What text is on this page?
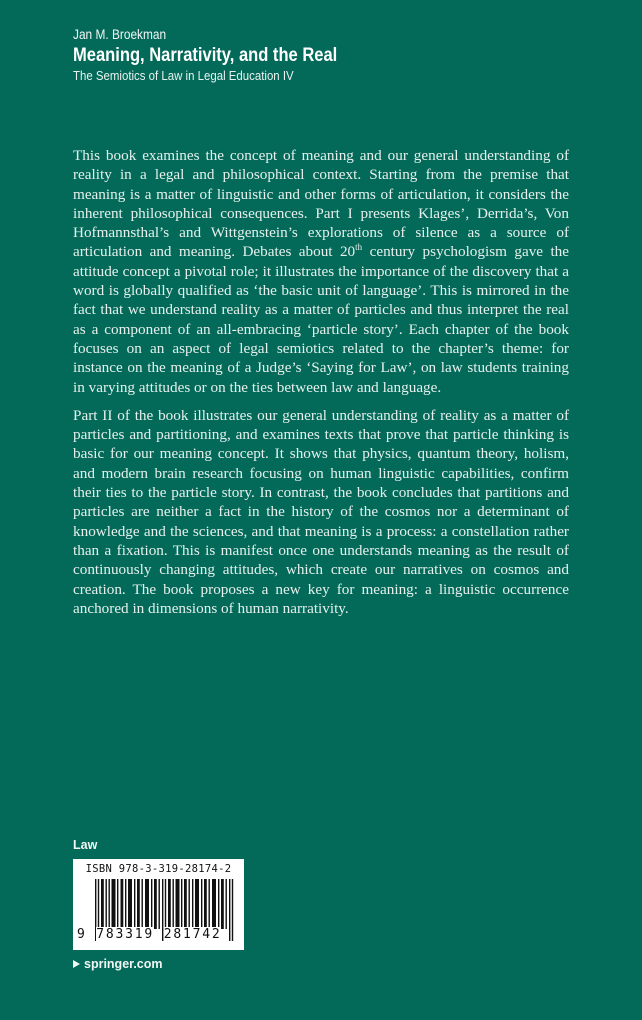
Jan M. Broekman
Meaning, Narrativity, and the Real
The Semiotics of Law in Legal Education IV

This book examines the concept of meaning and our general understanding of reality in a legal and philosophical context. Starting from the premise that meaning is a matter of linguistic and other forms of articulation, it considers the inherent philosophical consequences. Part I presents Klages’, Derrida’s, Von Hofmannsthal’s and Wittgenstein’s explorations of silence as a source of articulation and meaning. Debates about 20th century psychologism gave the attitude concept a pivotal role; it illustrates the importance of the discovery that a word is globally qualified as ‘the basic unit of language’. This is mirrored in the fact that we understand reality as a matter of particles and thus interpret the real as a component of an all-embracing ‘particle story’. Each chapter of the book focuses on an aspect of legal semiotics related to the chapter’s theme: for instance on the meaning of a Judge’s ‘Saying for Law’, on law students training in varying attitudes or on the ties between law and language.

Part II of the book illustrates our general understanding of reality as a matter of particles and partitioning, and examines texts that prove that particle thinking is basic for our meaning concept. It shows that physics, quantum theory, holism, and modern brain research focusing on human linguistic capabilities, confirm their ties to the particle story. In contrast, the book concludes that partitions and particles are neither a fact in the history of the cosmos nor a determinant of knowledge and the sciences, and that meaning is a process: a constellation rather than a fixation. This is manifest once one understands meaning as the result of continuously changing attitudes, which create our narratives on cosmos and creation. The book proposes a new key for meaning: a linguistic occurrence anchored in dimensions of human narrativity.

Law
ISBN 978-3-319-28174-2
9 783319 281742
springer.com
